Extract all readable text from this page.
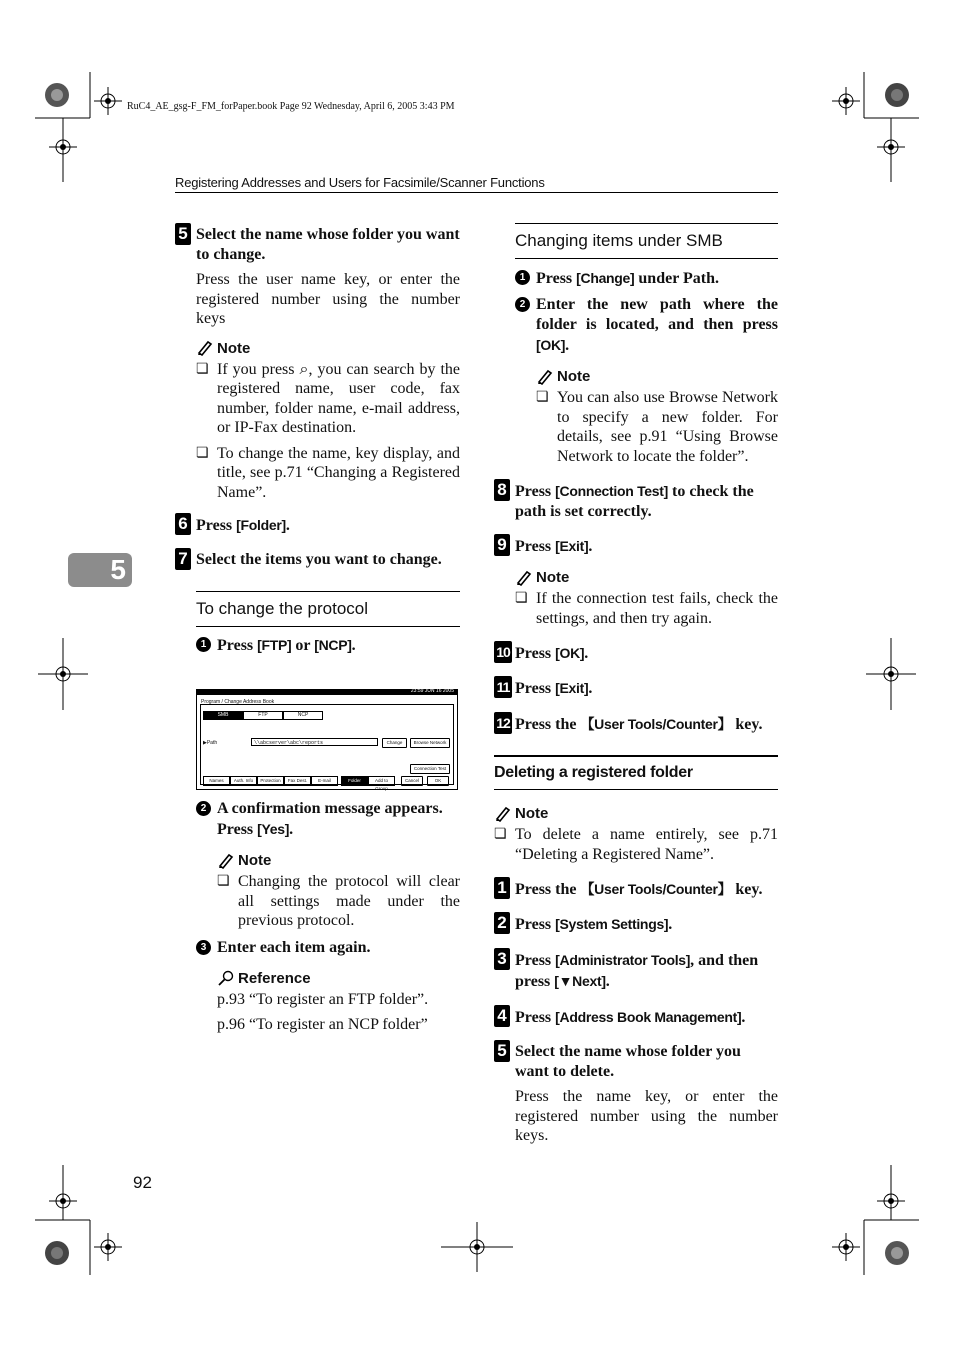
RuC4_AE_gsg-F_FM_forPaper.book Page 92 Wednesday, April 6, 2005 3:43 PM
Registering Addresses and Users for Facsimile/Scanner Functions
5
92

5 Select the name whose folder you want to change.

Press the user name key, or enter the registered number using the number keys

Note

❏ If you press ⌕, you can search by the registered name, user code, fax number, folder name, e-mail address, or IP-Fax destination.

❏ To change the name, key display, and title, see p.71 “Changing a Registered Name”.

6 Press [Folder].

7 Select the items you want to change.

To change the protocol

1 Press [FTP] or [NCP].

23:59 JUN 16 2005
Program / Change Address Book
SMB	FTP	NCP
▶Path	\\abcserver\abc\reports	Change	Browse Network
Connection Test
Names	Auth. Info	Protection	Fax Dest.	E-mail	Folder	Add to Group
Cancel	OK

2 A confirmation message appears. Press [Yes].

Note

❏ Changing the protocol will clear all settings made under the previous protocol.

3 Enter each item again.

Reference

p.93 “To register an FTP folder”.

p.96 “To register an NCP folder”

Changing items under SMB

1 Press [Change] under Path.

2 Enter the new path where the folder is located, and then press [OK].

Note

❏ You can also use Browse Network to specify a new folder. For details, see p.91 “Using Browse Network to locate the folder”.

8 Press [Connection Test] to check the path is set correctly.

9 Press [Exit].

Note

❏ If the connection test fails, check the settings, and then try again.

10 Press [OK].

11 Press [Exit].

12 Press the 【User Tools/Counter】 key.

Deleting a registered folder
Note

❏ To delete a name entirely, see p.71 “Deleting a Registered Name”.

1 Press the 【User Tools/Counter】 key.

2 Press [System Settings].

3 Press [Administrator Tools], and then press [▼Next].

4 Press [Address Book Management].

5 Select the name whose folder you want to delete.

Press the name key, or enter the registered number using the number keys.
